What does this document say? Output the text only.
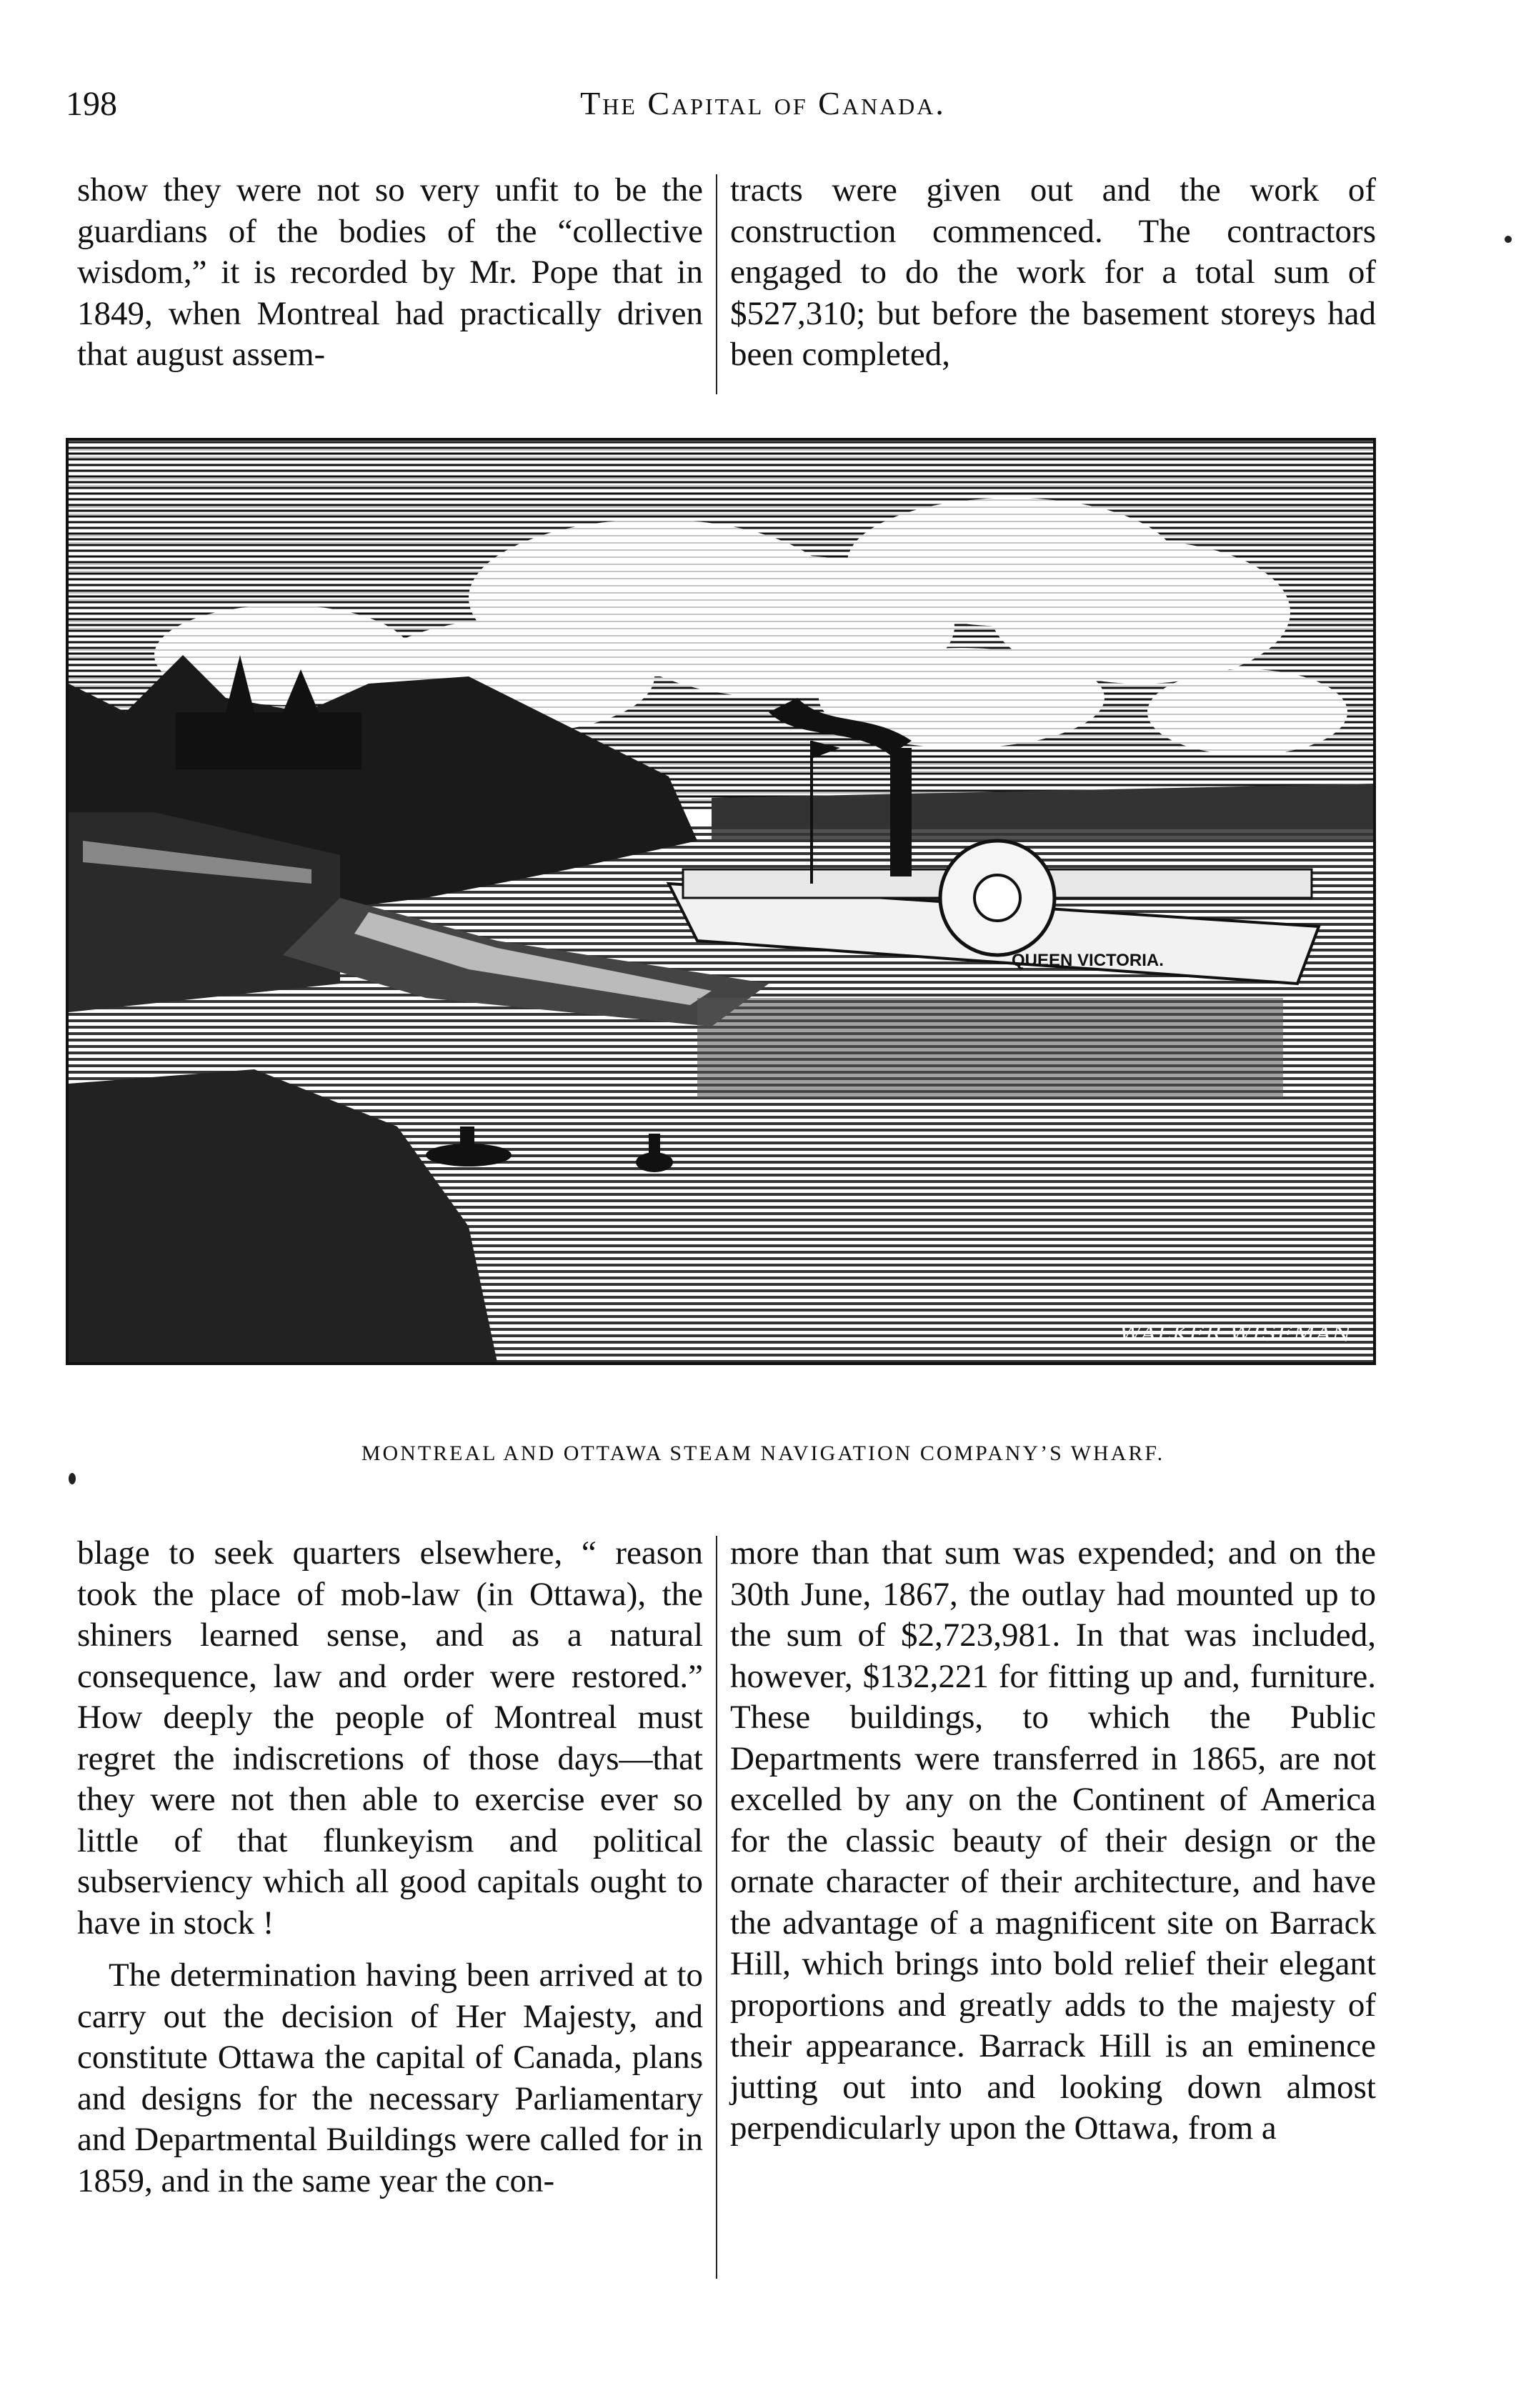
198	The Capital of Canada.

show they were not so very unfit to be the guardians of the bodies of the “collective wisdom,” it is recorded by Mr. Pope that in 1849, when Montreal had practically driven that august assem-

tracts were given out and the work of construction commenced. The contractors engaged to do the work for a total sum of $527,310; but before the basement storeys had been completed,

QUEEN VICTORIA.
WALKER WISEMAN
MONTREAL AND OTTAWA STEAM NAVIGATION COMPANY’S WHARF.

blage to seek quarters elsewhere, “ reason took the place of mob-law (in Ottawa), the shiners learned sense, and as a natural consequence, law and order were restored.” How deeply the people of Montreal must regret the indiscretions of those days—that they were not then able to exercise ever so little of that flunkeyism and political subserviency which all good capitals ought to have in stock !

The determination having been arrived at to carry out the decision of Her Majesty, and constitute Ottawa the capital of Canada, plans and designs for the necessary Parliamentary and Departmental Buildings were called for in 1859, and in the same year the con-

more than that sum was expended; and on the 30th June, 1867, the outlay had mounted up to the sum of $2,723,981. In that was included, however, $132,221 for fitting up and, furniture. These buildings, to which the Public Departments were transferred in 1865, are not excelled by any on the Continent of America for the classic beauty of their design or the ornate character of their architecture, and have the advantage of a magnificent site on Barrack Hill, which brings into bold relief their elegant proportions and greatly adds to the majesty of their appearance. Barrack Hill is an eminence jutting out into and looking down almost perpendicularly upon the Ottawa, from a
